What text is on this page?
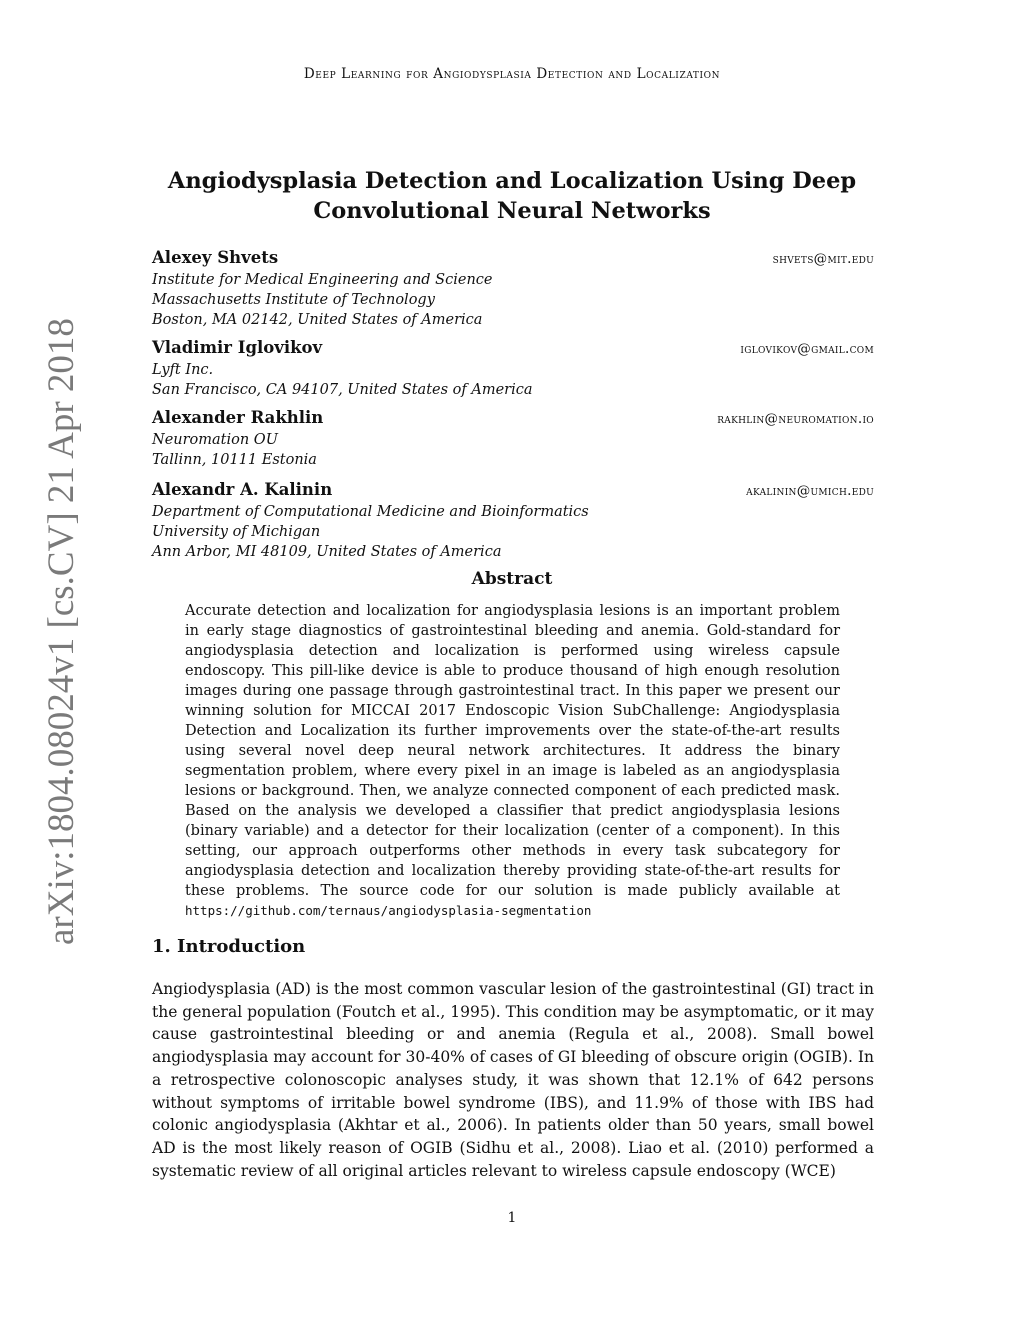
Deep Learning for Angiodysplasia Detection and Localization
arXiv:1804.08024v1 [cs.CV] 21 Apr 2018
Angiodysplasia Detection and Localization Using Deep
Convolutional Neural Networks
Alexey Shvets	shvets@mit.edu
Institute for Medical Engineering and Science
Massachusetts Institute of Technology
Boston, MA 02142, United States of America
Vladimir Iglovikov	iglovikov@gmail.com
Lyft Inc.
San Francisco, CA 94107, United States of America
Alexander Rakhlin	rakhlin@neuromation.io
Neuromation OU
Tallinn, 10111 Estonia
Alexandr A. Kalinin	akalinin@umich.edu
Department of Computational Medicine and Bioinformatics
University of Michigan
Ann Arbor, MI 48109, United States of America
Abstract
Accurate detection and localization for angiodysplasia lesions is an important problem in early stage diagnostics of gastrointestinal bleeding and anemia. Gold-standard for angiodysplasia detection and localization is performed using wireless capsule endoscopy. This pill-like device is able to produce thousand of high enough resolution images during one passage through gastrointestinal tract. In this paper we present our winning solution for MICCAI 2017 Endoscopic Vision SubChallenge: Angiodysplasia Detection and Localization its further improvements over the state-of-the-art results using several novel deep neural network architectures. It address the binary segmentation problem, where every pixel in an image is labeled as an angiodysplasia lesions or background. Then, we analyze connected component of each predicted mask. Based on the analysis we developed a classifier that predict angiodysplasia lesions (binary variable) and a detector for their localization (center of a component). In this setting, our approach outperforms other methods in every task subcategory for angiodysplasia detection and localization thereby providing state-of-the-art results for these problems. The source code for our solution is made publicly available at https://github.com/ternaus/angiodysplasia-segmentation
1. Introduction
Angiodysplasia (AD) is the most common vascular lesion of the gastrointestinal (GI) tract in the general population (Foutch et al., 1995). This condition may be asymptomatic, or it may cause gastrointestinal bleeding or and anemia (Regula et al., 2008). Small bowel angiodysplasia may account for 30-40% of cases of GI bleeding of obscure origin (OGIB). In a retrospective colonoscopic analyses study, it was shown that 12.1% of 642 persons without symptoms of irritable bowel syndrome (IBS), and 11.9% of those with IBS had colonic angiodysplasia (Akhtar et al., 2006). In patients older than 50 years, small bowel AD is the most likely reason of OGIB (Sidhu et al., 2008). Liao et al. (2010) performed a systematic review of all original articles relevant to wireless capsule endoscopy (WCE)
1
